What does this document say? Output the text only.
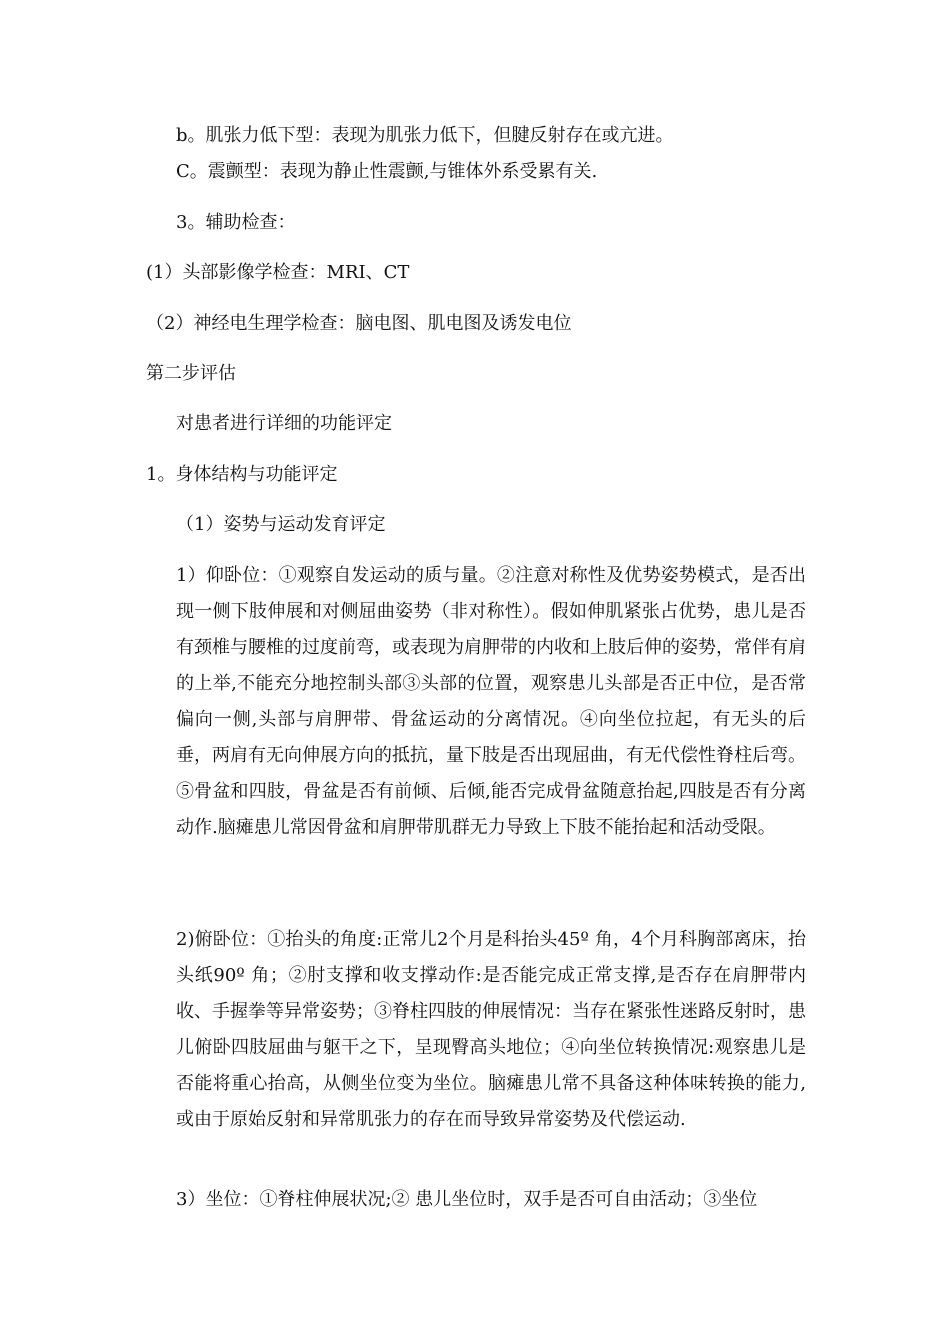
b。肌张力低下型：表现为肌张力低下，但腱反射存在或亢进。
C。震颤型：表现为静止性震颤,与锥体外系受累有关.
3。辅助检查：
(1）头部影像学检查：MRI、CT
（2）神经电生理学检查：脑电图、肌电图及诱发电位
第二步评估
对患者进行详细的功能评定
1。身体结构与功能评定
（1）姿势与运动发育评定
1）仰卧位：①观察自发运动的质与量。②注意对称性及优势姿势模式，是否出现一侧下肢伸展和对侧屈曲姿势（非对称性）。假如伸肌紧张占优势，患儿是否有颈椎与腰椎的过度前弯，或表现为肩胛带的内收和上肢后伸的姿势，常伴有肩的上举,不能充分地控制头部③头部的位置，观察患儿头部是否正中位，是否常偏向一侧,头部与肩胛带、骨盆运动的分离情况。④向坐位拉起，有无头的后垂，两肩有无向伸展方向的抵抗，量下肢是否出现屈曲，有无代偿性脊柱后弯。⑤骨盆和四肢，骨盆是否有前倾、后倾,能否完成骨盆随意抬起,四肢是否有分离动作.脑瘫患儿常因骨盆和肩胛带肌群无力导致上下肢不能抬起和活动受限。
2)俯卧位：①抬头的角度:正常儿2个月是科抬头45º 角，4个月科胸部离床，抬头纸90º 角；②肘支撑和收支撑动作:是否能完成正常支撑,是否存在肩胛带内收、手握拳等异常姿势；③脊柱四肢的伸展情况：当存在紧张性迷路反射时，患儿俯卧四肢屈曲与躯干之下，呈现臀高头地位；④向坐位转换情况:观察患儿是否能将重心抬高，从侧坐位变为坐位。脑瘫患儿常不具备这种体味转换的能力,或由于原始反射和异常肌张力的存在而导致异常姿势及代偿运动.
3）坐位：①脊柱伸展状况;② 患儿坐位时，双手是否可自由活动；③坐位
